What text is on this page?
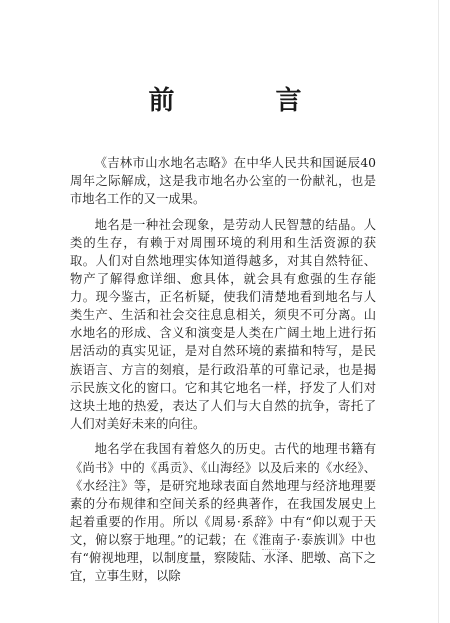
前 言

《吉林市山水地名志略》在中华人民共和国诞辰40周年之际解成，这是我市地名办公室的一份献礼，也是市地名工作的又一成果。

地名是一种社会现象，是劳动人民智慧的结晶。人类的生存，有赖于对周围环境的利用和生活资源的获取。人们对自然地理实体知道得越多，对其自然特征、物产了解得愈详细、愈具体，就会具有愈强的生存能力。现今鉴古，正名析疑，使我们清楚地看到地名与人类生产、生活和社会交往息息相关，须臾不可分离。山水地名的形成、含义和演变是人类在广阔土地上进行拓居活动的真实见证，是对自然环境的素描和特写，是民族语言、方言的刻痕，是行政沿革的可靠记录，也是揭示民族文化的窗口。它和其它地名一样，抒发了人们对这块土地的热爱，表达了人们与大自然的抗争，寄托了人们对美好未来的向往。

地名学在我国有着悠久的历史。古代的地理书籍有《尚书》中的《禹贡》、《山海经》以及后来的《水经》、《水经注》等，是研究地球表面自然地理与经济地理要素的分布规律和空间关系的经典著作，在我国发展史上起着重要的作用。所以《周易·系辞》中有“仰以观于天文，俯以察于地理。”的记载；在《淮南子·泰族训》中也有“俯视地理，以制度量，察陵陆、水泽、肥墩、高下之宜，立事生财，以除
